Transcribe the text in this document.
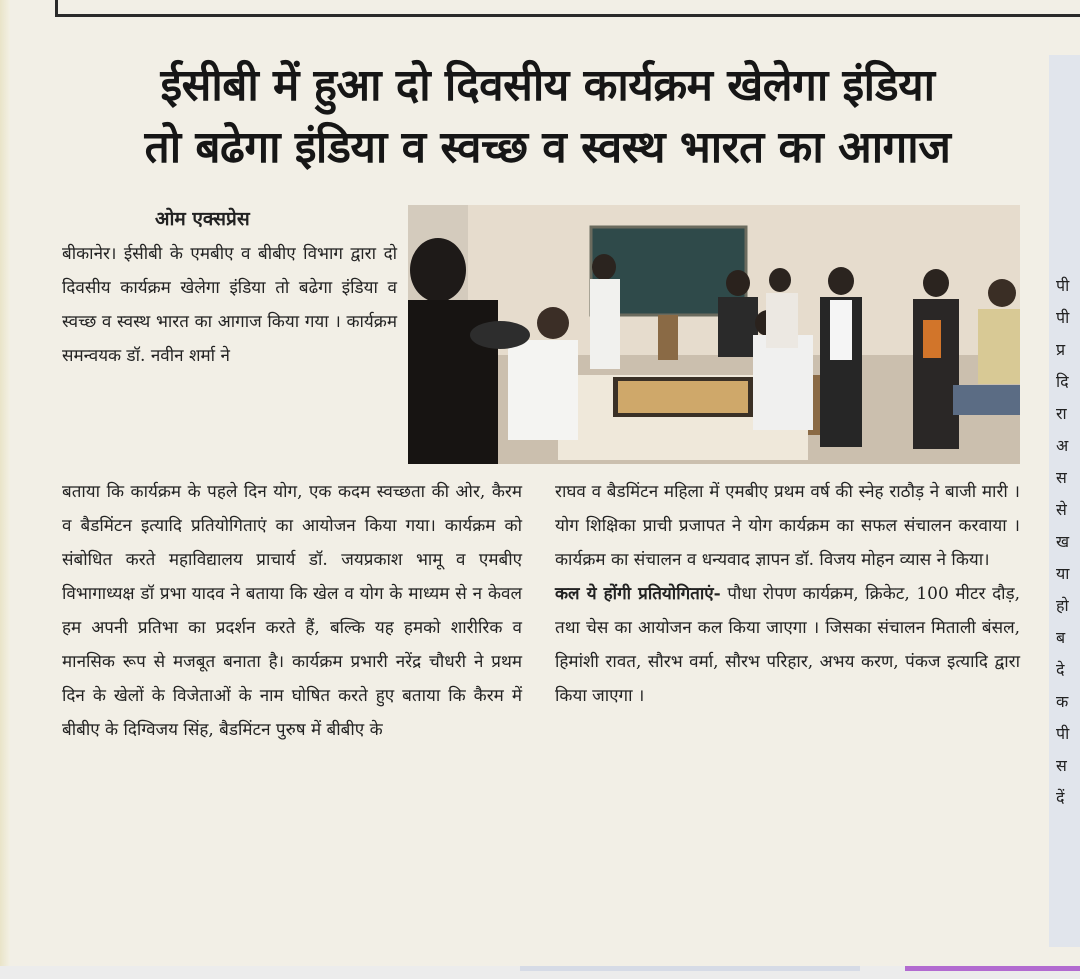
ईसीबी में हुआ दो दिवसीय कार्यक्रम खेलेगा इंडिया
तो बढेगा इंडिया व स्वच्छ व स्वस्थ भारत का आगाज
ओम एक्सप्रेस
बीकानेर। ईसीबी के एमबीए व बीबीए विभाग द्वारा दो दिवसीय कार्यक्रम खेलेगा इंडिया तो बढेगा इंडिया व स्वच्छ व स्वस्थ भारत का आगाज किया गया । कार्यक्रम समन्वयक डॉ. नवीन शर्मा ने
बताया कि कार्यक्रम के पहले दिन योग, एक कदम स्वच्छता की ओर, कैरम व बैडमिंटन इत्यादि प्रतियोगिताएं का आयोजन किया गया। कार्यक्रम को संबोधित करते महाविद्यालय प्राचार्य डॉ. जयप्रकाश भामू व एमबीए विभागाध्यक्ष डॉ प्रभा यादव ने बताया कि खेल व योग के माध्यम से न केवल हम अपनी प्रतिभा का प्रदर्शन करते हैं, बल्कि यह हमको शारीरिक व मानसिक रूप से मजबूत बनाता है। कार्यक्रम प्रभारी नरेंद्र चौधरी ने प्रथम दिन के खेलों के विजेताओं के नाम घोषित करते हुए बताया कि कैरम में बीबीए के दिग्विजय सिंह, बैडमिंटन पुरुष में बीबीए के
राघव व बैडमिंटन महिला में एमबीए प्रथम वर्ष की स्नेह राठौड़ ने बाजी मारी । योग शिक्षिका प्राची प्रजापत ने योग कार्यक्रम का सफल संचालन करवाया । कार्यक्रम का संचालन व धन्यवाद ज्ञापन डॉ. विजय मोहन व्यास ने किया।
कल ये होंगी प्रतियोगिताएं- पौधा रोपण कार्यक्रम, क्रिकेट, 100 मीटर दौड़, तथा चेस का आयोजन कल किया जाएगा । जिसका संचालन मिताली बंसल, हिमांशी रावत, सौरभ वर्मा, सौरभ परिहार, अभय करण, पंकज इत्यादि द्वारा किया जाएगा ।
पी
पी
प्र
दि
रा
अ
स
से
ख
या
हो
ब
दे
क
पी
स
दें
